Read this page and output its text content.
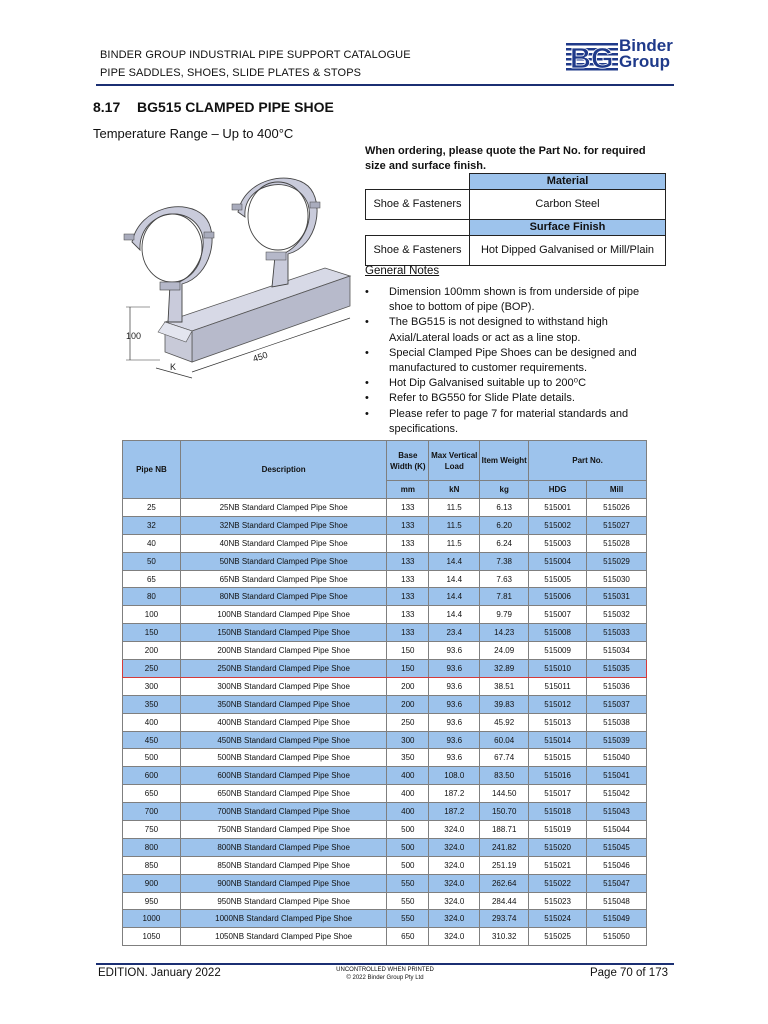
BINDER GROUP INDUSTRIAL PIPE SUPPORT CATALOGUE
PIPE SADDLES, SHOES, SLIDE PLATES & STOPS	BG Binder
Group
8.17 BG515 CLAMPED PIPE SHOE
Temperature Range – Up to 400°C
100
450
K
When ordering, please quote the Part No. for required size and surface finish.
	Material
Shoe & Fasteners	Carbon Steel
	Surface Finish
Shoe & Fasteners	Hot Dipped Galvanised or Mill/Plain
General Notes
• Dimension 100mm shown is from underside of pipe shoe to bottom of pipe (BOP).
• The BG515 is not designed to withstand high Axial/Lateral loads or act as a line stop.
• Special Clamped Pipe Shoes can be designed and manufactured to customer requirements.
• Hot Dip Galvanised suitable up to 200⁰C
• Refer to BG550 for Slide Plate details.
• Please refer to page 7 for material standards and specifications.
Pipe NB	Description	Base Width (K)	Max Vertical Load	Item Weight	Part No.	
		mm	kN	kg	HDG	Mill
25	25NB Standard Clamped Pipe Shoe	133	11.5	6.13	515001	515026
32	32NB Standard Clamped Pipe Shoe	133	11.5	6.20	515002	515027
40	40NB Standard Clamped Pipe Shoe	133	11.5	6.24	515003	515028
50	50NB Standard Clamped Pipe Shoe	133	14.4	7.38	515004	515029
65	65NB Standard Clamped Pipe Shoe	133	14.4	7.63	515005	515030
80	80NB Standard Clamped Pipe Shoe	133	14.4	7.81	515006	515031
100	100NB Standard Clamped Pipe Shoe	133	14.4	9.79	515007	515032
150	150NB Standard Clamped Pipe Shoe	133	23.4	14.23	515008	515033
200	200NB Standard Clamped Pipe Shoe	150	93.6	24.09	515009	515034
250	250NB Standard Clamped Pipe Shoe	150	93.6	32.89	515010	515035
300	300NB Standard Clamped Pipe Shoe	200	93.6	38.51	515011	515036
350	350NB Standard Clamped Pipe Shoe	200	93.6	39.83	515012	515037
400	400NB Standard Clamped Pipe Shoe	250	93.6	45.92	515013	515038
450	450NB Standard Clamped Pipe Shoe	300	93.6	60.04	515014	515039
500	500NB Standard Clamped Pipe Shoe	350	93.6	67.74	515015	515040
600	600NB Standard Clamped Pipe Shoe	400	108.0	83.50	515016	515041
650	650NB Standard Clamped Pipe Shoe	400	187.2	144.50	515017	515042
700	700NB Standard Clamped Pipe Shoe	400	187.2	150.70	515018	515043
750	750NB Standard Clamped Pipe Shoe	500	324.0	188.71	515019	515044
800	800NB Standard Clamped Pipe Shoe	500	324.0	241.82	515020	515045
850	850NB Standard Clamped Pipe Shoe	500	324.0	251.19	515021	515046
900	900NB Standard Clamped Pipe Shoe	550	324.0	262.64	515022	515047
950	950NB Standard Clamped Pipe Shoe	550	324.0	284.44	515023	515048
1000	1000NB Standard Clamped Pipe Shoe	550	324.0	293.74	515024	515049
1050	1050NB Standard Clamped Pipe Shoe	650	324.0	310.32	515025	515050
EDITION. January 2022	UNCONTROLLED WHEN PRINTED
© 2022 Binder Group Pty Ltd	Page 70 of 173
